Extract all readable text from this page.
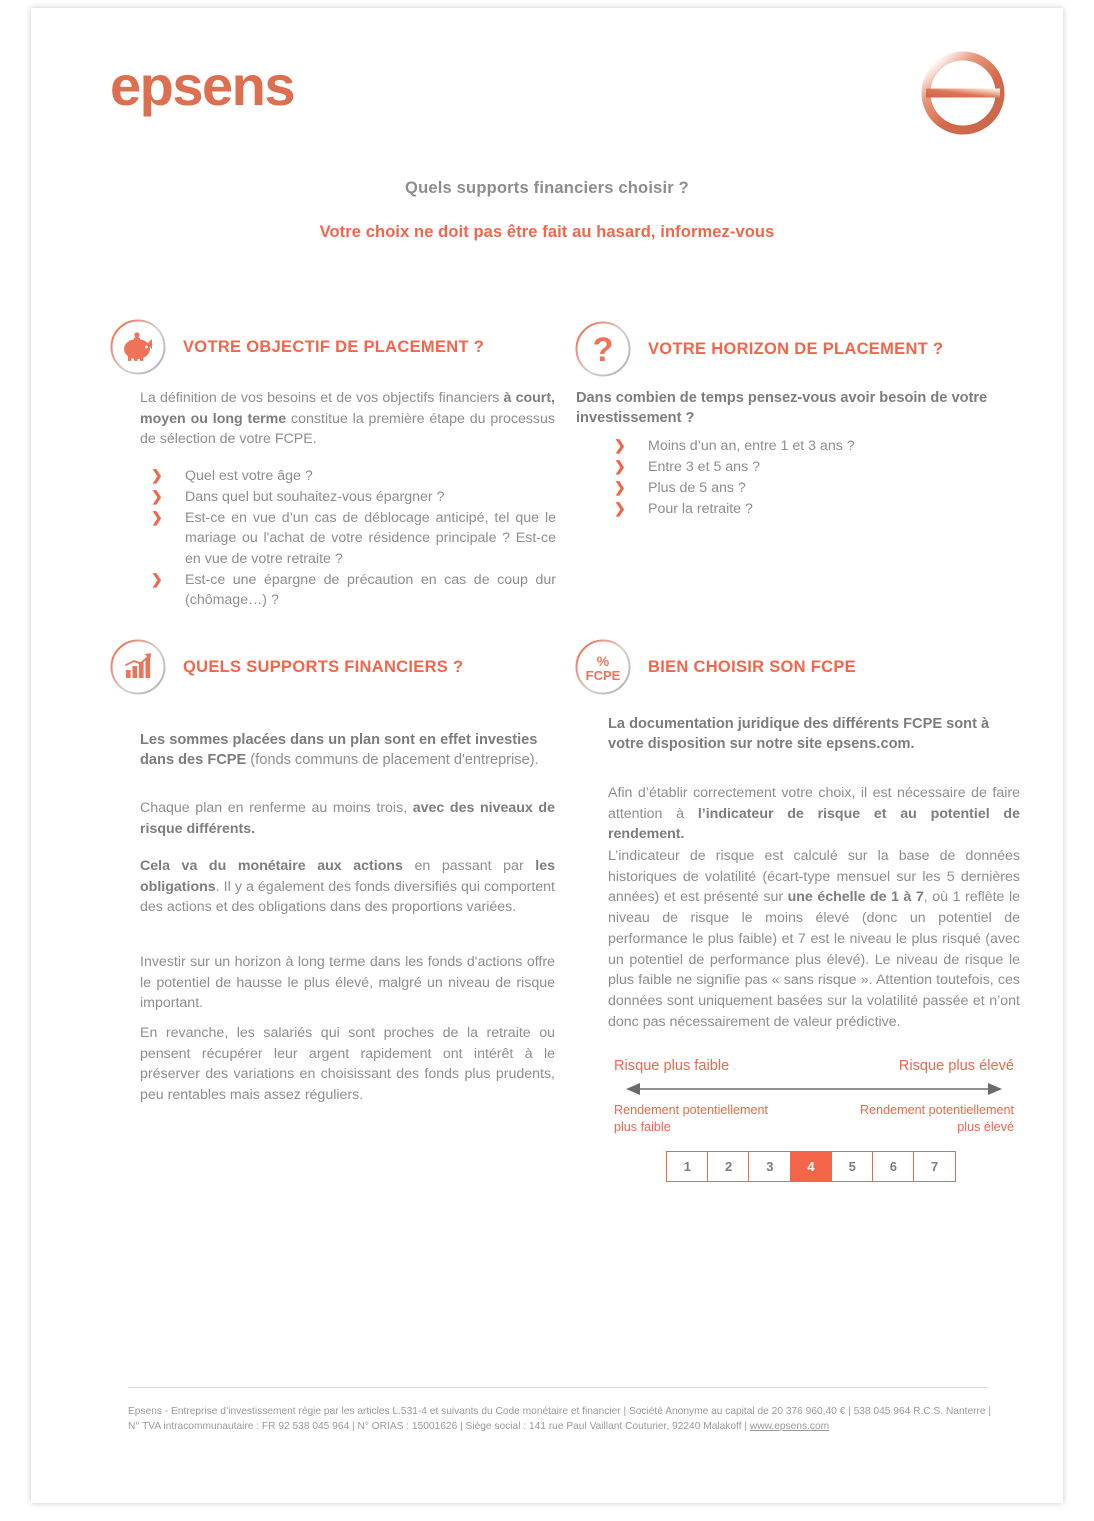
epsens
Quels supports financiers choisir ?
Votre choix ne doit pas être fait au hasard, informez-vous
VOTRE OBJECTIF DE PLACEMENT ?

La définition de vos besoins et de vos objectifs financiers à court, moyen ou long terme constitue la première étape du processus de sélection de votre FCPE.

❯	Quel est votre âge ?
❯	Dans quel but souhaitez-vous épargner ?
❯	Est-ce en vue d’un cas de déblocage anticipé, tel que le mariage ou l'achat de votre résidence principale ? Est-ce en vue de votre retraite ?
❯	Est-ce une épargne de précaution en cas de coup dur (chômage…) ?
? VOTRE HORIZON DE PLACEMENT ?
Dans combien de temps pensez-vous avoir besoin de votre investissement ?
❯	Moins d’un an, entre 1 et 3 ans ?
❯	Entre 3 et 5 ans ?
❯	Plus de 5 ans ?
❯	Pour la retraite ?
QUELS SUPPORTS FINANCIERS ?
Les sommes placées dans un plan sont en effet investies dans des FCPE (fonds communs de placement d'entreprise).

Chaque plan en renferme au moins trois, avec des niveaux de risque différents.

Cela va du monétaire aux actions en passant par les obligations. Il y a également des fonds diversifiés qui comportent des actions et des obligations dans des proportions variées.

Investir sur un horizon à long terme dans les fonds d'actions offre le potentiel de hausse le plus élevé, malgré un niveau de risque important.

En revanche, les salariés qui sont proches de la retraite ou pensent récupérer leur argent rapidement ont intérêt à le préserver des variations en choisissant des fonds plus prudents, peu rentables mais assez réguliers.

%
FCPE BIEN CHOISIR SON FCPE
La documentation juridique des différents FCPE sont à votre disposition sur notre site epsens.com.

Afin d’établir correctement votre choix, il est nécessaire de faire attention à l’indicateur de risque et au potentiel de rendement.

L’indicateur de risque est calculé sur la base de données historiques de volatilité (écart-type mensuel sur les 5 dernières années) et est présenté sur une échelle de 1 à 7, où 1 reflète le niveau de risque le moins élevé (donc un potentiel de performance le plus faible) et 7 est le niveau le plus risqué (avec un potentiel de performance plus élevé). Le niveau de risque le plus faible ne signifie pas « sans risque ». Attention toutefois, ces données sont uniquement basées sur la volatilité passée et n’ont donc pas nécessairement de valeur prédictive.

Risque plus faible	Risque plus élevé
Rendement potentiellement plus faible
Rendement potentiellement plus élevé
1	2	3	4	5	6	7
Epsens - Entreprise d’investissement régie par les articles L.531-4 et suivants du Code monétaire et financier | Société Anonyme au capital de 20 376 960,40 € | 538 045 964 R.C.S. Nanterre | N° TVA intracommunautaire : FR 92 538 045 964 | N° ORIAS : 15001626 | Siège social : 141 rue Paul Vaillant Couturier, 92240 Malakoff | www.epsens.com
